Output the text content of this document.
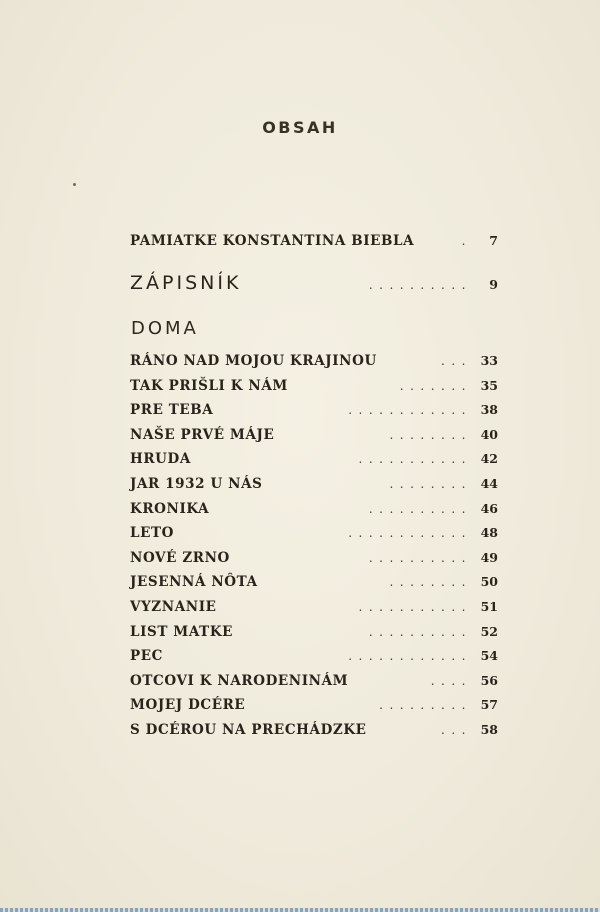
OBSAH
PAMIATKE KONSTANTINA BIEBLA	.	7
ZÁPISNÍK	..........	9
DOMA
RÁNO NAD MOJOU KRAJINOU	... 33
TAK PRIŠLI K NÁM	....... 35
PRE TEBA	............ 38
NAŠE PRVÉ MÁJE	........ 40
HRUDA	........... 42
JAR 1932 U NÁS	........ 44
KRONIKA	.......... 46
LETO	............ 48
NOVÉ ZRNO	.......... 49
JESENNÁ NÔTA	........ 50
VYZNANIE	........... 51
LIST MATKE	.......... 52
PEC	............ 54
OTCOVI K NARODENINÁM	.... 56
MOJEJ DCÉRE	......... 57
S DCÉROU NA PRECHÁDZKE	... 58
